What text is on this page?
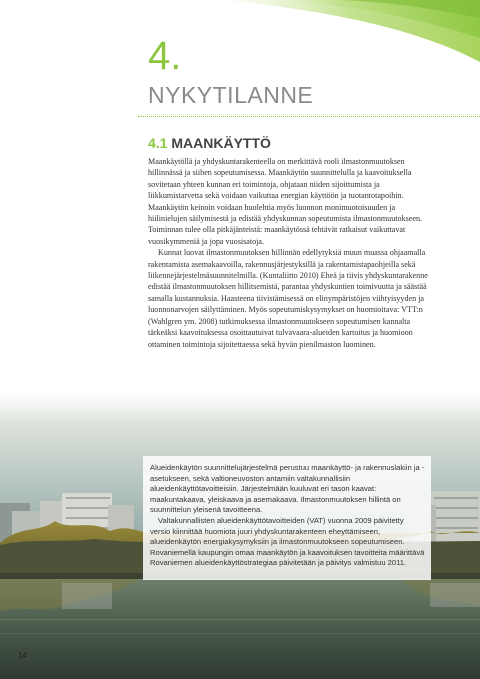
4.
NYKYTILANNE
4.1 MAANKÄYTTÖ

Maankäytöllä ja yhdyskuntarakenteella on merkittävä rooli ilmastonmuutoksen hillinnässä ja siihen sopeutumisessa. Maankäytön suunnittelulla ja kaavoituksella sovitetaan yhteen kunnan eri toimintoja, ohjataan niiden sijoittumista ja liikkumistarvetta sekä voidaan vaikuttaa energian käyttöön ja tuotantotapoihin. Maankäytön keinoin voidaan huolehtia myös luonnon monimuotoisuuden ja hiilinielujen säilymisestä ja edistää yhdyskunnan sopeutumista ilmastonmuutokseen. Toiminnan tulee olla pitkäjänteistä: maankäytössä tehtävät ratkaisut vaikuttavat vuosikymmeniä ja jopa vuosisatoja.

Kunnat luovat ilmastonmuutoksen hillinnän edellytyksiä muun muassa ohjaamalla rakentamista asemakaavoilla, rakennusjärjestyksillä ja rakentamistapaohjeilla sekä liikennejärjestelmäsuunnitelmilla. (Kuntaliitto 2010) Eheä ja tiivis yhdyskuntarakenne edistää ilmastonmuutoksen hillitsemistä, parantaa yhdyskuntien toimivuutta ja säästää samalla kustannuksia. Haasteena tiivistämisessä on elinympäristöjen viihtyisyyden ja luonnonarvojen säilyttäminen. Myös sopeutumiskysymykset on huomioitava: VTT:n (Wahlgren ym. 2008) tutkimuksessa ilmastonmuutokseen sopeutumisen kannalta tärkeäksi kaavoituksessa osoittautuivat tulvavaara-alueiden kartoitus ja huomioon ottaminen toimintoja sijoitettaessa sekä hyvän pienilmaston luominen.

Alueidenkäytön suunnittelujärjestelmä perustuu maankäyttö- ja rakennuslakiin ja -asetukseen, sekä valtioneuvoston antamiin valtakunnallisiin alueidenkäyttötavoitteisiin. Järjestelmään kuuluvat eri tason kaavat: maakuntakaava, yleiskaava ja asemakaava. Ilmastonmuutoksen hillintä on suunnittelun yleisenä tavoitteena.

Valtakunnallisten alueidenkäyttötavoitteiden (VAT) vuonna 2009 päivitetty versio kiinnittää huomiota juuri yhdyskuntarakenteen eheyttämiseen, alueidenkäytön energiakysymyksiin ja ilmastonmuutokseen sopeutumiseen. Rovaniemellä kaupungin omaa maankäytön ja kaavoituksen tavoitteita määrittävä Rovaniemen alueidenkäyttöstrategiaa päivitetään ja päivitys valmistuu 2011.

14
